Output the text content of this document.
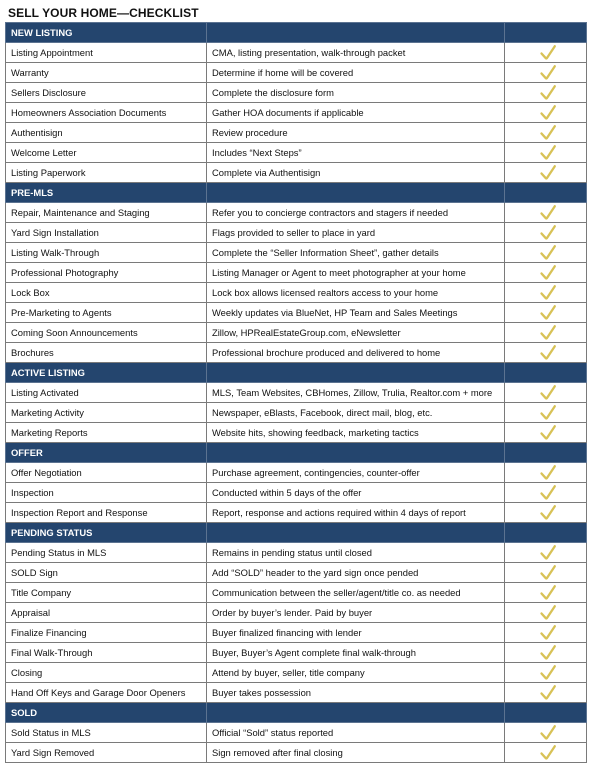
SELL YOUR HOME—CHECKLIST
NEW LISTING		
Listing Appointment	CMA, listing presentation, walk-through packet	

Warranty	Determine if home will be covered	

Sellers Disclosure	Complete the disclosure form	

Homeowners Association Documents	Gather HOA documents if applicable	

Authentisign	Review procedure	

Welcome Letter	Includes “Next Steps”	

Listing Paperwork	Complete via Authentisign	

PRE-MLS		
Repair, Maintenance and Staging	Refer you to concierge contractors and stagers if needed	

Yard Sign Installation	Flags provided to seller to place in yard	

Listing Walk-Through	Complete the “Seller Information Sheet”, gather details	

Professional Photography	Listing Manager or Agent to meet photographer at your home	

Lock Box	Lock box allows licensed realtors access to your home	

Pre-Marketing to Agents	Weekly updates via BlueNet, HP Team and Sales Meetings	

Coming Soon Announcements	Zillow, HPRealEstateGroup.com, eNewsletter	

Brochures	Professional brochure produced and delivered to home	

ACTIVE LISTING		
Listing Activated	MLS, Team Websites, CBHomes, Zillow, Trulia, Realtor.com + more	

Marketing Activity	Newspaper, eBlasts, Facebook, direct mail, blog, etc.	

Marketing Reports	Website hits, showing feedback, marketing tactics	

OFFER		
Offer Negotiation	Purchase agreement, contingencies, counter-offer	

Inspection	Conducted within 5 days of the offer	

Inspection Report and Response	Report, response and actions required within 4 days of report	

PENDING STATUS		
Pending Status in MLS	Remains in pending status until closed	

SOLD Sign	Add “SOLD” header to the yard sign once pended	

Title Company	Communication between the seller/agent/title co. as needed	

Appraisal	Order by buyer’s lender. Paid by buyer	

Finalize Financing	Buyer finalized financing with lender	

Final Walk-Through	Buyer, Buyer’s Agent complete final walk-through	

Closing	Attend by buyer, seller, title company	

Hand Off Keys and Garage Door Openers	Buyer takes possession	

SOLD		
Sold Status in MLS	Official “Sold” status reported	

Yard Sign Removed	Sign removed after final closing	
